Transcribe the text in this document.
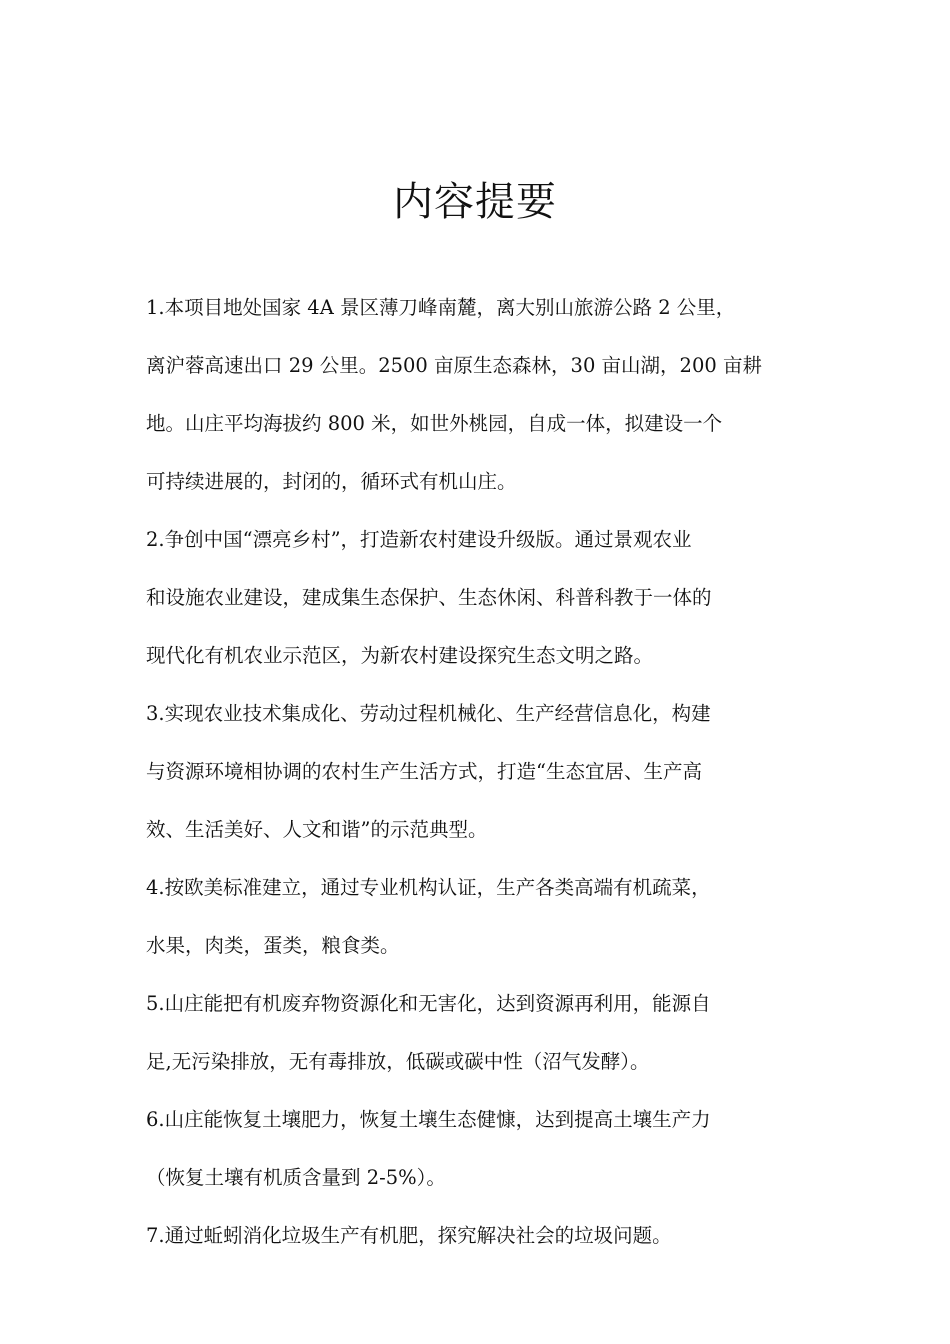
内容提要
1.本项目地处国家 4A 景区薄刀峰南麓，离大别山旅游公路 2 公里，
离沪蓉高速出口 29 公里。2500 亩原生态森林，30 亩山湖，200 亩耕
地。山庄平均海拔约 800 米，如世外桃园，自成一体，拟建设一个
可持续进展的，封闭的，循环式有机山庄。
2.争创中国“漂亮乡村”，打造新农村建设升级版。通过景观农业
和设施农业建设，建成集生态保护、生态休闲、科普科教于一体的
现代化有机农业示范区，为新农村建设探究生态文明之路。
3.实现农业技术集成化、劳动过程机械化、生产经营信息化，构建
与资源环境相协调的农村生产生活方式，打造“生态宜居、生产高
效、生活美好、人文和谐”的示范典型。
4.按欧美标准建立，通过专业机构认证，生产各类高端有机疏菜，
水果，肉类，蛋类，粮食类。
5.山庄能把有机废弃物资源化和无害化，达到资源再利用，能源自
足,无污染排放，无有毒排放，低碳或碳中性（沼气发酵）。
6.山庄能恢复土壤肥力，恢复土壤生态健慷，达到提高土壤生产力
（恢复土壤有机质含量到 2-5%）。
7.通过蚯蚓消化垃圾生产有机肥，探究解决社会的垃圾问题。
